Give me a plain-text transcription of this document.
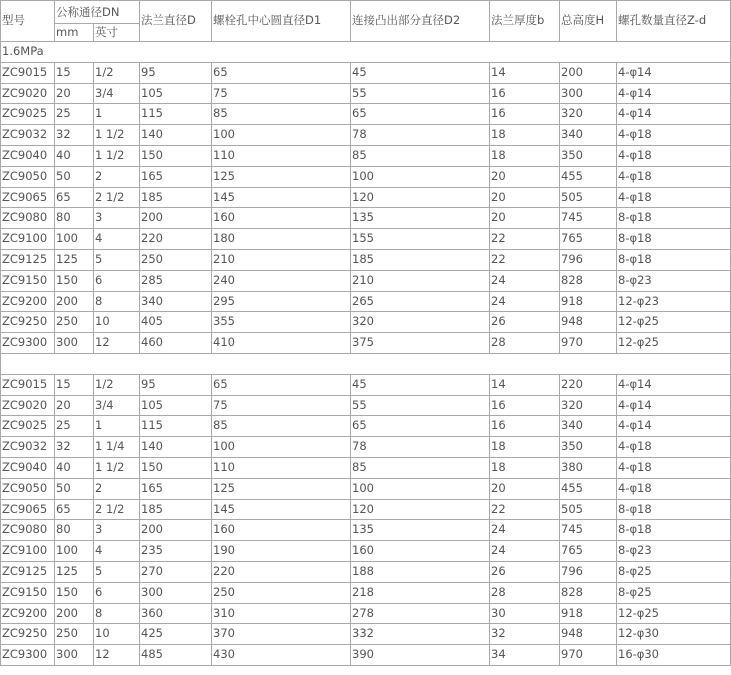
型号	公称通径DN		法兰直径D	螺栓孔中心圆直径D1	连接凸出部分直径D2	法兰厚度b	总高度H	螺孔数量直径Z-d
	mm	英寸						
1.6MPa								
ZC9015	15	1/2	95	65	45	14	200	4-φ14
ZC9020	20	3/4	105	75	55	16	300	4-φ14
ZC9025	25	1	115	85	65	16	320	4-φ14
ZC9032	32	1 1/2	140	100	78	18	340	4-φ18
ZC9040	40	1 1/2	150	110	85	18	350	4-φ18
ZC9050	50	2	165	125	100	20	455	4-φ18
ZC9065	65	2 1/2	185	145	120	20	505	4-φ18
ZC9080	80	3	200	160	135	20	745	8-φ18
ZC9100	100	4	220	180	155	22	765	8-φ18
ZC9125	125	5	250	210	185	22	796	8-φ18
ZC9150	150	6	285	240	210	24	828	8-φ23
ZC9200	200	8	340	295	265	24	918	12-φ23
ZC9250	250	10	405	355	320	26	948	12-φ25
ZC9300	300	12	460	410	375	28	970	12-φ25

ZC9015	15	1/2	95	65	45	14	220	4-φ14
ZC9020	20	3/4	105	75	55	16	320	4-φ14
ZC9025	25	1	115	85	65	16	340	4-φ14
ZC9032	32	1 1/4	140	100	78	18	350	4-φ18
ZC9040	40	1 1/2	150	110	85	18	380	4-φ18
ZC9050	50	2	165	125	100	20	455	4-φ18
ZC9065	65	2 1/2	185	145	120	22	505	8-φ18
ZC9080	80	3	200	160	135	24	745	8-φ18
ZC9100	100	4	235	190	160	24	765	8-φ23
ZC9125	125	5	270	220	188	26	796	8-φ25
ZC9150	150	6	300	250	218	28	828	8-φ25
ZC9200	200	8	360	310	278	30	918	12-φ25
ZC9250	250	10	425	370	332	32	948	12-φ30
ZC9300	300	12	485	430	390	34	970	16-φ30
